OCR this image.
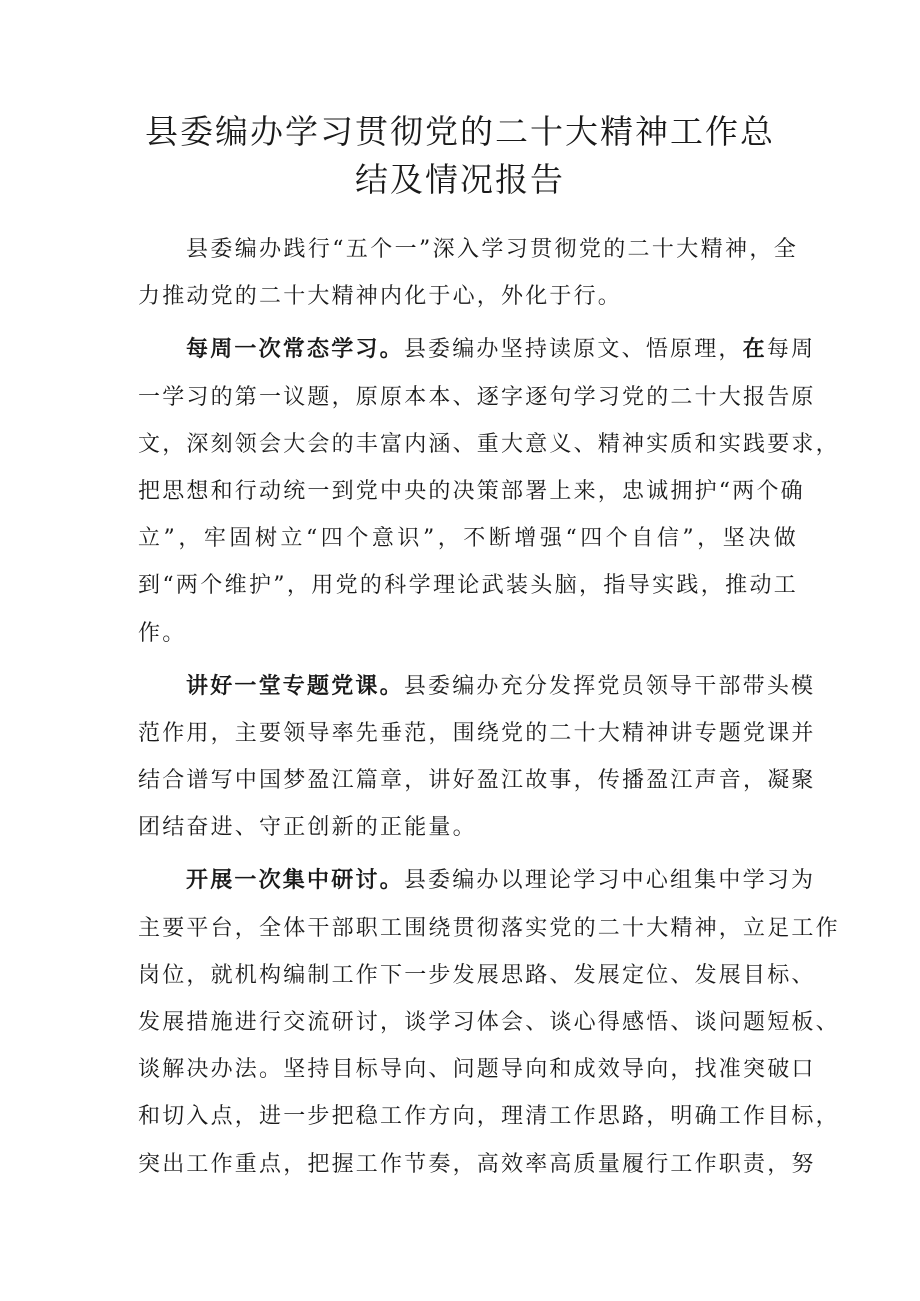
县委编办学习贯彻党的二十大精神工作总
结及情况报告
县委编办践行“五个一”深入学习贯彻党的二十大精神，全
力推动党的二十大精神内化于心，外化于行。
每周一次常态学习。县委编办坚持读原文、悟原理，在每周
一学习的第一议题，原原本本、逐字逐句学习党的二十大报告原
文，深刻领会大会的丰富内涵、重大意义、精神实质和实践要求，
把思想和行动统一到党中央的决策部署上来，忠诚拥护“两个确
立”，牢固树立“四个意识”，不断增强“四个自信”，坚决做
到“两个维护”，用党的科学理论武装头脑，指导实践，推动工
作。
讲好一堂专题党课。县委编办充分发挥党员领导干部带头模
范作用，主要领导率先垂范，围绕党的二十大精神讲专题党课并
结合谱写中国梦盈江篇章，讲好盈江故事，传播盈江声音，凝聚
团结奋进、守正创新的正能量。
开展一次集中研讨。县委编办以理论学习中心组集中学习为
主要平台，全体干部职工围绕贯彻落实党的二十大精神，立足工作
岗位，就机构编制工作下一步发展思路、发展定位、发展目标、
发展措施进行交流研讨，谈学习体会、谈心得感悟、谈问题短板、
谈解决办法。坚持目标导向、问题导向和成效导向，找准突破口
和切入点，进一步把稳工作方向，理清工作思路，明确工作目标，
突出工作重点，把握工作节奏，高效率高质量履行工作职责，努
